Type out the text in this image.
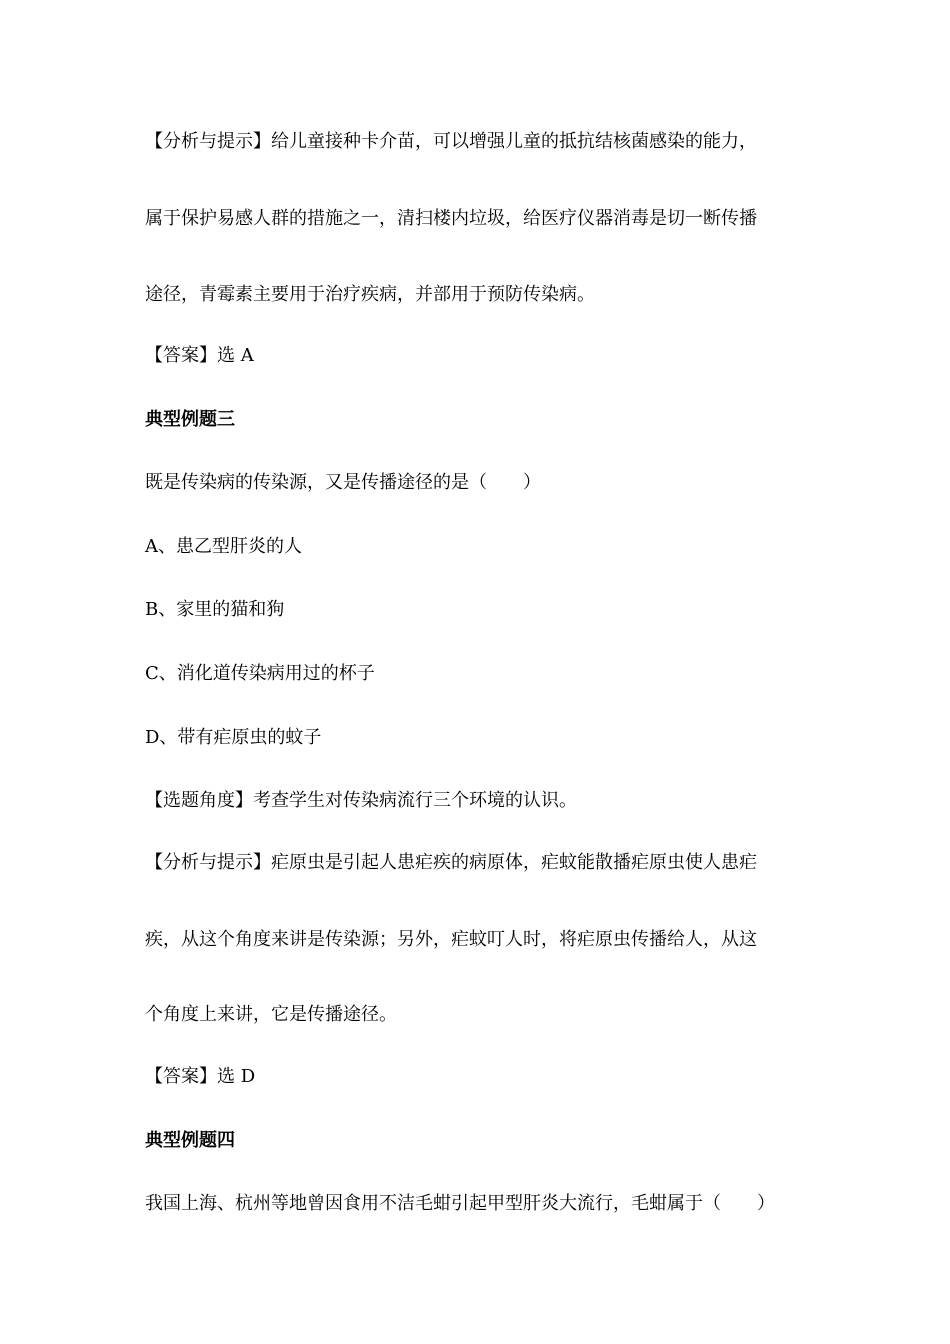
【分析与提示】给儿童接种卡介苗，可以增强儿童的抵抗结核菌感染的能力，

属于保护易感人群的措施之一，清扫楼内垃圾，给医疗仪器消毒是切一断传播

途径，青霉素主要用于治疗疾病，并部用于预防传染病。

【答案】选 A

典型例题三

既是传染病的传染源，又是传播途径的是（　　）

A、患乙型肝炎的人

B、家里的猫和狗

C、消化道传染病用过的杯子

D、带有疟原虫的蚊子

【选题角度】考查学生对传染病流行三个环境的认识。

【分析与提示】疟原虫是引起人患疟疾的病原体，疟蚊能散播疟原虫使人患疟

疾，从这个角度来讲是传染源；另外，疟蚊叮人时，将疟原虫传播给人，从这

个角度上来讲，它是传播途径。

【答案】选 D

典型例题四

我国上海、杭州等地曾因食用不洁毛蚶引起甲型肝炎大流行，毛蚶属于（　　）
